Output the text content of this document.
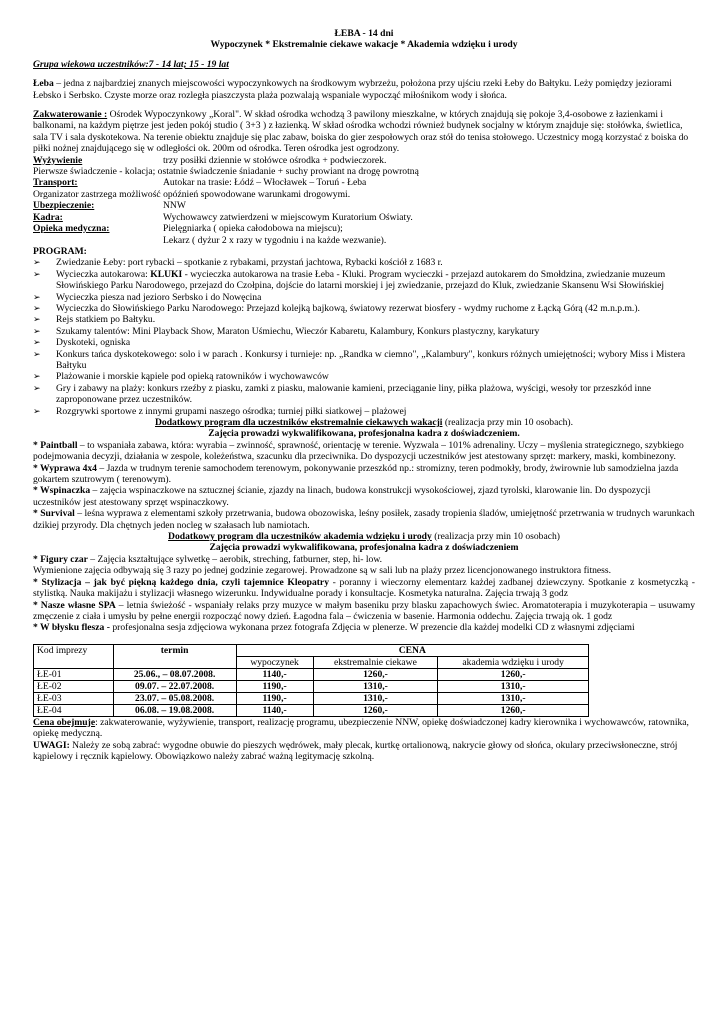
ŁEBA - 14 dni

Wypoczynek * Ekstremalnie ciekawe wakacje * Akademia wdzięku i urody

Grupa wiekowa uczestników:7 - 14 lat; 15 - 19 lat

Łeba – jedna z najbardziej znanych miejscowości wypoczynkowych na środkowym wybrzeżu, położona przy ujściu rzeki Łeby do Bałtyku. Leży pomiędzy jeziorami Łebsko i Serbsko. Czyste morze oraz rozległa piaszczysta plaża pozwalają wspaniale wypocząć miłośnikom wody i słońca.

Zakwaterowanie : Ośrodek Wypoczynkowy „Koral". W skład ośrodka wchodzą 3 pawilony mieszkalne, w których znajdują się pokoje 3,4-osobowe z łazienkami i balkonami, na każdym piętrze jest jeden pokój studio ( 3+3 ) z łazienką. W skład ośrodka wchodzi również budynek socjalny w którym znajduje się: stołówka, świetlica, sala TV i sala dyskotekowa. Na terenie obiektu znajduje się plac zabaw, boiska do gier zespołowych oraz stół do tenisa stołowego. Uczestnicy mogą korzystać z boiska do piłki nożnej znajdującego się w odległości ok. 200m od ośrodka. Teren ośrodka jest ogrodzony.

Wyżywienie	trzy posiłki dziennie w stołówce ośrodka + podwieczorek.
Pierwsze świadczenie - kolacja; ostatnie świadczenie śniadanie + suchy prowiant na drogę powrotną
Transport:	Autokar na trasie: Łódź – Włocławek – Toruń - Łeba
Organizator zastrzega możliwość opóźnień spowodowane warunkami drogowymi.
Ubezpieczenie:	NNW
Kadra:	Wychowawcy zatwierdzeni w miejscowym Kuratorium Oświaty.
Opieka medyczna:	Pielęgniarka ( opieka całodobowa na miejscu);
Lekarz ( dyżur 2 x razy w tygodniu i na każde wezwanie).

PROGRAM:

➢ Zwiedzanie Łeby: port rybacki – spotkanie z rybakami, przystań jachtowa, Rybacki kościół z 1683 r.
➢ Wycieczka autokarowa: KLUKI - wycieczka autokarowa na trasie Łeba - Kluki. Program wycieczki - przejazd autokarem do Smołdzina, zwiedzanie muzeum Słowińskiego Parku Narodowego, przejazd do Czołpina, dojście do latarni morskiej i jej zwiedzanie, przejazd do Kluk, zwiedzanie Skansenu Wsi Słowińskiej
➢ Wycieczka piesza nad jezioro Serbsko i do Nowęcina
➢ Wycieczka do Słowińskiego Parku Narodowego: Przejazd kolejką bajkową, światowy rezerwat biosfery - wydmy ruchome z Łącką Górą (42 m.n.p.m.).
➢ Rejs statkiem po Bałtyku.
➢ Szukamy talentów: Mini Playback Show, Maraton Uśmiechu, Wieczór Kabaretu, Kalambury, Konkurs plastyczny, karykatury
➢ Dyskoteki, ogniska
➢ Konkurs tańca dyskotekowego: solo i w parach . Konkursy i turnieje: np. „Randka w ciemno", „Kalambury", konkurs różnych umiejętności; wybory Miss i Mistera Bałtyku
➢ Plażowanie i morskie kąpiele pod opieką ratowników i wychowawców
➢ Gry i zabawy na plaży: konkurs rzeźby z piasku, zamki z piasku, malowanie kamieni, przeciąganie liny, piłka plażowa, wyścigi, wesoły tor przeszkód inne zaproponowane przez uczestników.
➢ Rozgrywki sportowe z innymi grupami naszego ośrodka; turniej piłki siatkowej – plażowej

Dodatkowy program dla uczestników ekstremalnie ciekawych wakacji (realizacja przy min 10 osobach).

Zajęcia prowadzi wykwalifikowana, profesjonalna kadra z doświadczeniem.

* Paintball – to wspaniała zabawa, która: wyrabia – zwinność, sprawność, orientację w terenie. Wyzwala – 101% adrenaliny. Uczy – myślenia strategicznego, szybkiego podejmowania decyzji, działania w zespole, koleżeństwa, szacunku dla przeciwnika. Do dyspozycji uczestników jest atestowany sprzęt: markery, maski, kombinezony.

* Wyprawa 4x4 – Jazda w trudnym terenie samochodem terenowym, pokonywanie przeszkód np.: stromizny, teren podmokły, brody, żwirownie lub samodzielna jazda gokartem szutrowym ( terenowym).

* Wspinaczka – zajęcia wspinaczkowe na sztucznej ścianie, zjazdy na linach, budowa konstrukcji wysokościowej, zjazd tyrolski, klarowanie lin. Do dyspozycji uczestników jest atestowany sprzęt wspinaczkowy.

* Survival – leśna wyprawa z elementami szkoły przetrwania, budowa obozowiska, leśny posiłek, zasady tropienia śladów, umiejętność przetrwania w trudnych warunkach dzikiej przyrody. Dla chętnych jeden nocleg w szałasach lub namiotach.

Dodatkowy program dla uczestników akademia wdzięku i urody (realizacja przy min 10 osobach)

Zajęcia prowadzi wykwalifikowana, profesjonalna kadra z doświadczeniem

* Figury czar – Zajęcia kształtujące sylwetkę – aerobik, streching, fatburner, step, hi- low.

Wymienione zajęcia odbywają się 3 razy po jednej godzinie zegarowej. Prowadzone są w sali lub na plaży przez licencjonowanego instruktora fitness.

* Stylizacja – jak być piękną każdego dnia, czyli tajemnice Kleopatry - poranny i wieczorny elementarz każdej zadbanej dziewczyny. Spotkanie z kosmetyczką - stylistką. Nauka makijażu i stylizacji własnego wizerunku. Indywidualne porady i konsultacje. Kosmetyka naturalna. Zajęcia trwają 3 godz

* Nasze własne SPA – letnia świeżość - wspaniały relaks przy muzyce w małym baseniku przy blasku zapachowych świec. Aromatoterapia i muzykoterapia – usuwamy zmęczenie z ciała i umysłu by pełne energii rozpocząć nowy dzień. Łagodna fala – ćwiczenia w basenie. Harmonia oddechu. Zajęcia trwają ok. 1 godz

* W błysku flesza - profesjonalna sesja zdjęciowa wykonana przez fotografa Zdjęcia w plenerze. W prezencie dla każdej modelki CD z własnymi zdjęciami

Kod imprezy	termin	CENA		
		wypoczynek	ekstremalnie ciekawe	akademia wdzięku i urody
ŁE-01	25.06., – 08.07.2008.	1140,-	1260,-	1260,-
ŁE-02	09.07. – 22.07.2008.	1190,-	1310,-	1310,-
ŁE-03	23.07. – 05.08.2008.	1190,-	1310,-	1310,-
ŁE-04	06.08. – 19.08.2008.	1140,-	1260,-	1260,-

Cena obejmuje: zakwaterowanie, wyżywienie, transport, realizację programu, ubezpieczenie NNW, opiekę doświadczonej kadry kierownika i wychowawców, ratownika, opiekę medyczną.

UWAGI: Należy ze sobą zabrać: wygodne obuwie do pieszych wędrówek, mały plecak, kurtkę ortalionową, nakrycie głowy od słońca, okulary przeciwsłoneczne, strój kąpielowy i ręcznik kąpielowy. Obowiązkowo należy zabrać ważną legitymację szkolną.
